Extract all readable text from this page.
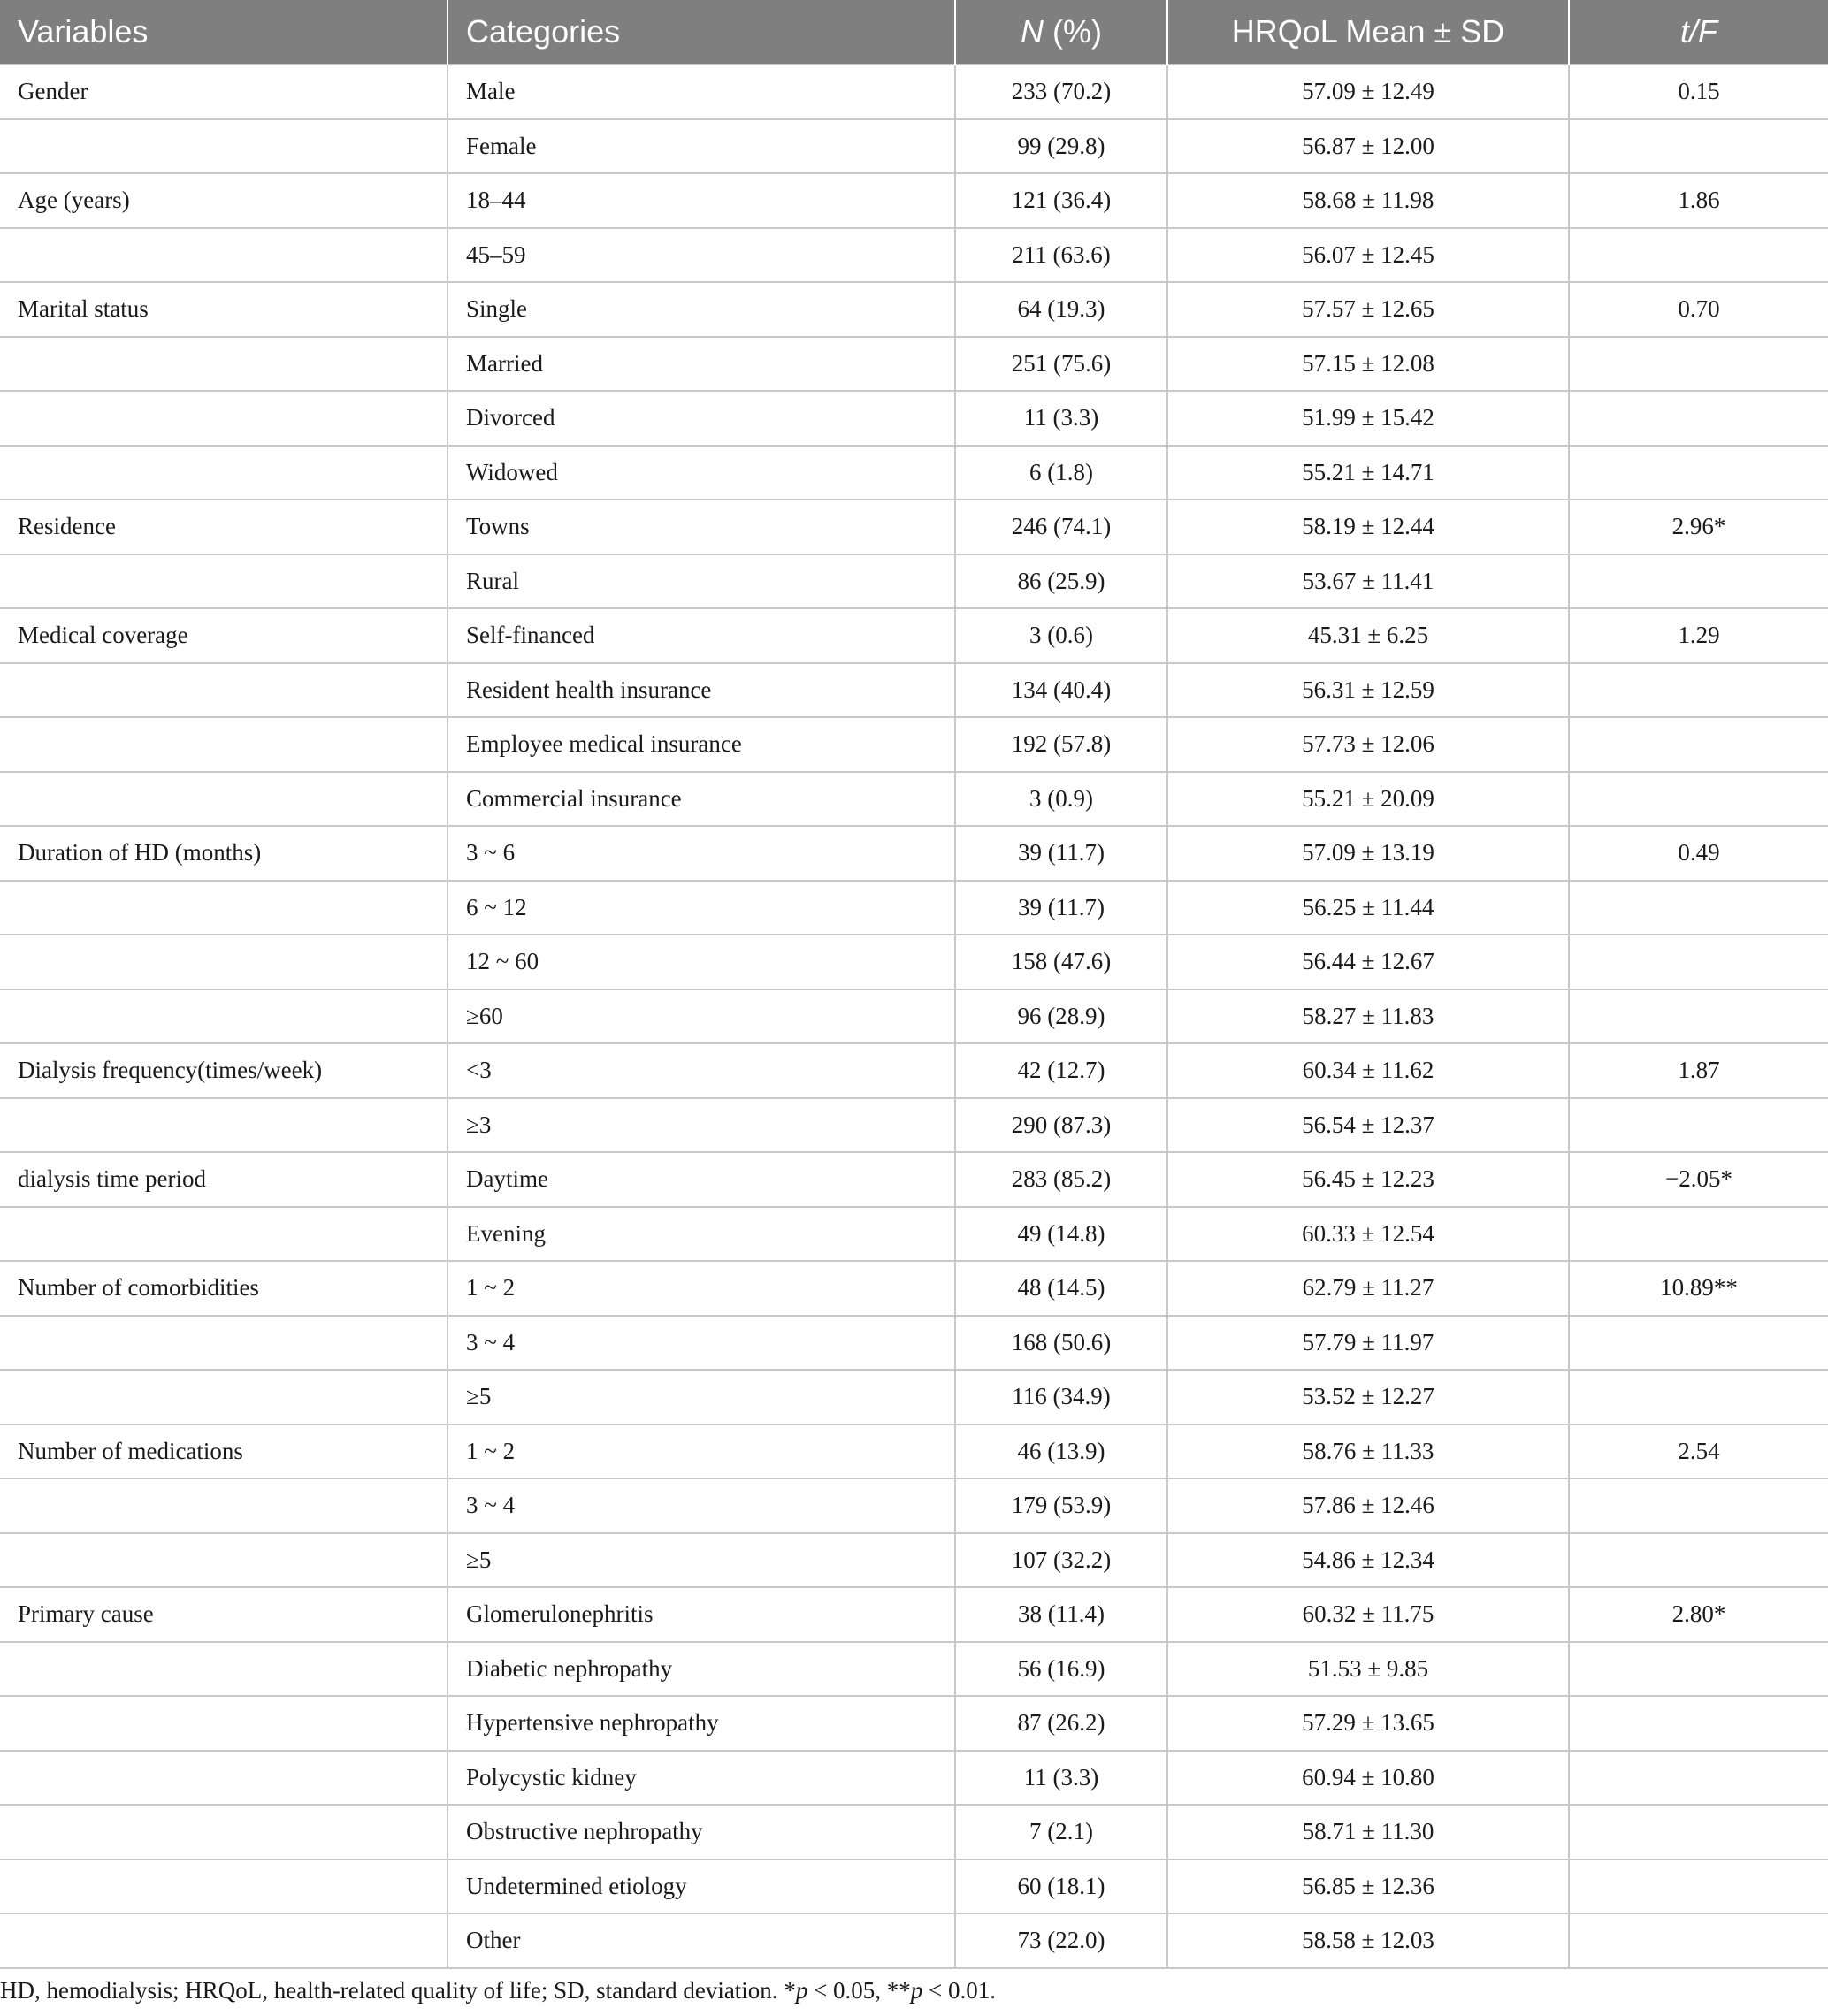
Variables	Categories	N (%)	HRQoL Mean ± SD	t/F
Gender	Male	233 (70.2)	57.09 ± 12.49	0.15
	Female	99 (29.8)	56.87 ± 12.00	
Age (years)	18–44	121 (36.4)	58.68 ± 11.98	1.86
	45–59	211 (63.6)	56.07 ± 12.45	
Marital status	Single	64 (19.3)	57.57 ± 12.65	0.70
	Married	251 (75.6)	57.15 ± 12.08	
	Divorced	11 (3.3)	51.99 ± 15.42	
	Widowed	6 (1.8)	55.21 ± 14.71	
Residence	Towns	246 (74.1)	58.19 ± 12.44	2.96*
	Rural	86 (25.9)	53.67 ± 11.41	
Medical coverage	Self-financed	3 (0.6)	45.31 ± 6.25	1.29
	Resident health insurance	134 (40.4)	56.31 ± 12.59	
	Employee medical insurance	192 (57.8)	57.73 ± 12.06	
	Commercial insurance	3 (0.9)	55.21 ± 20.09	
Duration of HD (months)	3 ~ 6	39 (11.7)	57.09 ± 13.19	0.49
	6 ~ 12	39 (11.7)	56.25 ± 11.44	
	12 ~ 60	158 (47.6)	56.44 ± 12.67	
	≥60	96 (28.9)	58.27 ± 11.83	
Dialysis frequency(times/week)	<3	42 (12.7)	60.34 ± 11.62	1.87
	≥3	290 (87.3)	56.54 ± 12.37	
dialysis time period	Daytime	283 (85.2)	56.45 ± 12.23	−2.05*
	Evening	49 (14.8)	60.33 ± 12.54	
Number of comorbidities	1 ~ 2	48 (14.5)	62.79 ± 11.27	10.89**
	3 ~ 4	168 (50.6)	57.79 ± 11.97	
	≥5	116 (34.9)	53.52 ± 12.27	
Number of medications	1 ~ 2	46 (13.9)	58.76 ± 11.33	2.54
	3 ~ 4	179 (53.9)	57.86 ± 12.46	
	≥5	107 (32.2)	54.86 ± 12.34	
Primary cause	Glomerulonephritis	38 (11.4)	60.32 ± 11.75	2.80*
	Diabetic nephropathy	56 (16.9)	51.53 ± 9.85	
	Hypertensive nephropathy	87 (26.2)	57.29 ± 13.65	
	Polycystic kidney	11 (3.3)	60.94 ± 10.80	
	Obstructive nephropathy	7 (2.1)	58.71 ± 11.30	
	Undetermined etiology	60 (18.1)	56.85 ± 12.36	
	Other	73 (22.0)	58.58 ± 12.03	
HD, hemodialysis; HRQoL, health-related quality of life; SD, standard deviation. *p < 0.05, **p < 0.01.
